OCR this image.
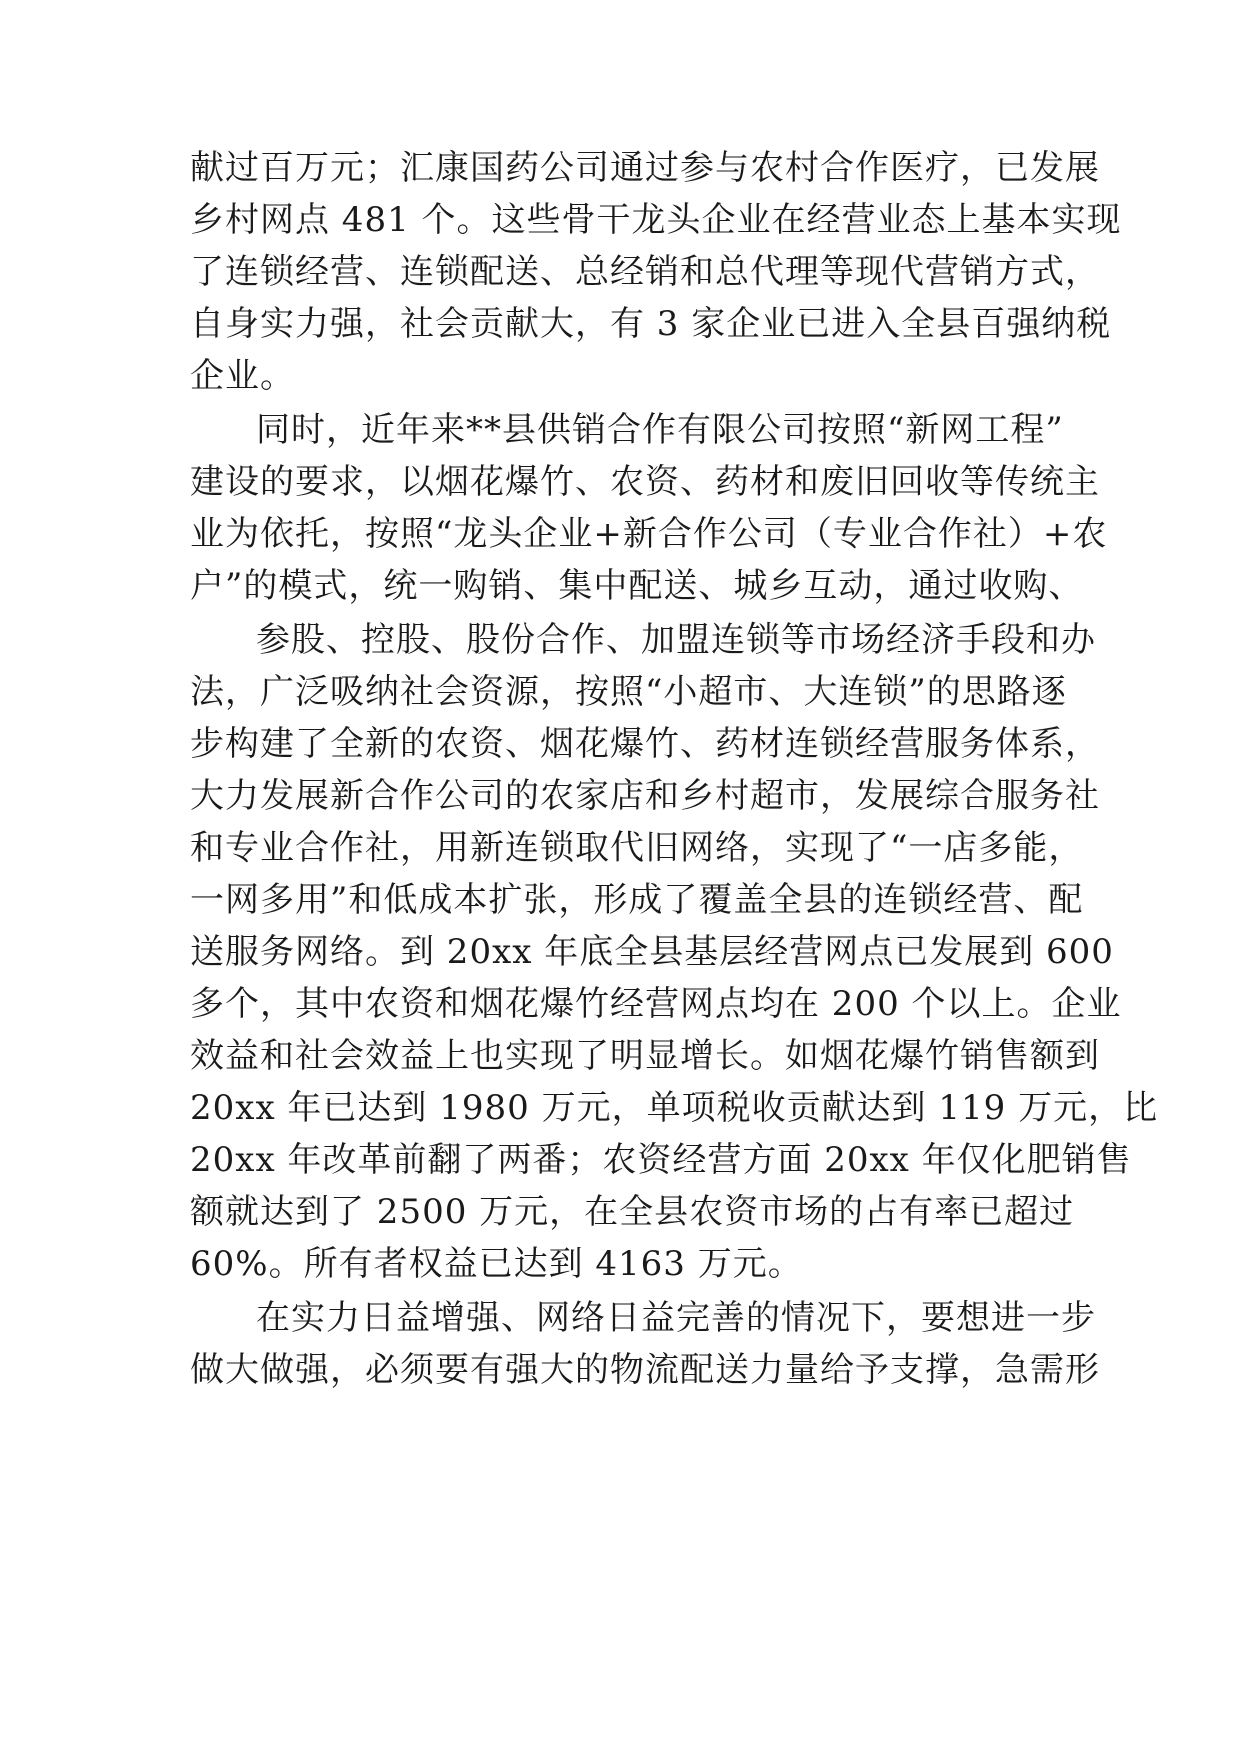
献过百万元；汇康国药公司通过参与农村合作医疗，已发展
乡村网点 481 个。这些骨干龙头企业在经营业态上基本实现
了连锁经营、连锁配送、总经销和总代理等现代营销方式，
自身实力强，社会贡献大，有 3 家企业已进入全县百强纳税
企业。
同时，近年来**县供销合作有限公司按照“新网工程”
建设的要求，以烟花爆竹、农资、药材和废旧回收等传统主
业为依托，按照“龙头企业+新合作公司（专业合作社）+农
户”的模式，统一购销、集中配送、城乡互动，通过收购、
参股、控股、股份合作、加盟连锁等市场经济手段和办
法，广泛吸纳社会资源，按照“小超市、大连锁”的思路逐
步构建了全新的农资、烟花爆竹、药材连锁经营服务体系，
大力发展新合作公司的农家店和乡村超市，发展综合服务社
和专业合作社，用新连锁取代旧网络，实现了“一店多能，
一网多用”和低成本扩张，形成了覆盖全县的连锁经营、配
送服务网络。到 20xx 年底全县基层经营网点已发展到 600
多个，其中农资和烟花爆竹经营网点均在 200 个以上。企业
效益和社会效益上也实现了明显增长。如烟花爆竹销售额到
20xx 年已达到 1980 万元，单项税收贡献达到 119 万元，比
20xx 年改革前翻了两番；农资经营方面 20xx 年仅化肥销售
额就达到了 2500 万元，在全县农资市场的占有率已超过
60%。所有者权益已达到 4163 万元。
在实力日益增强、网络日益完善的情况下，要想进一步
做大做强，必须要有强大的物流配送力量给予支撑，急需形
